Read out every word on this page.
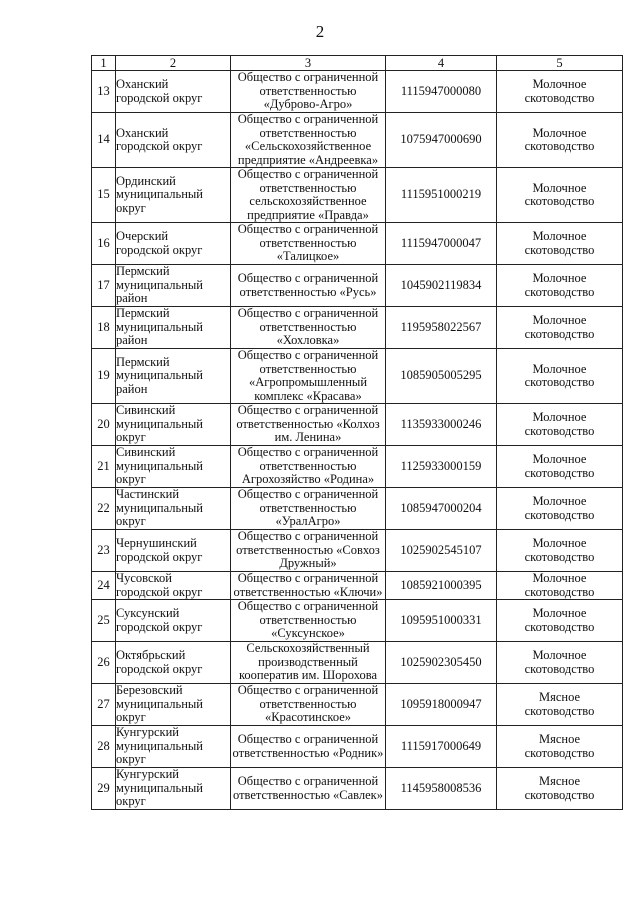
2
1	2	3	4	5
13	Оханский
городской округ	Общество с ограниченной
ответственностью
«Дуброво-Агро»	1115947000080	Молочное
скотоводство
14	Оханский
городской округ	Общество с ограниченной
ответственностью
«Сельскохозяйственное
предприятие «Андреевка»	1075947000690	Молочное
скотоводство
15	Ординский
муниципальный
округ	Общество с ограниченной
ответственностью
сельскохозяйственное
предприятие «Правда»	1115951000219	Молочное
скотоводство
16	Очерский
городской округ	Общество с ограниченной
ответственностью
«Талицкое»	1115947000047	Молочное
скотоводство
17	Пермский
муниципальный
район	Общество с ограниченной
ответственностью «Русь»	1045902119834	Молочное
скотоводство
18	Пермский
муниципальный
район	Общество с ограниченной
ответственностью
«Хохловка»	1195958022567	Молочное
скотоводство
19	Пермский
муниципальный
район	Общество с ограниченной
ответственностью
«Агропромышленный
комплекс «Красава»	1085905005295	Молочное
скотоводство
20	Сивинский
муниципальный
округ	Общество с ограниченной
ответственностью «Колхоз
им. Ленина»	1135933000246	Молочное
скотоводство
21	Сивинский
муниципальный
округ	Общество с ограниченной
ответственностью
Агрохозяйство «Родина»	1125933000159	Молочное
скотоводство
22	Частинский
муниципальный
округ	Общество с ограниченной
ответственностью
«УралАгро»	1085947000204	Молочное
скотоводство
23	Чернушинский
городской округ	Общество с ограниченной
ответственностью «Совхоз
Дружный»	1025902545107	Молочное
скотоводство
24	Чусовской
городской округ	Общество с ограниченной
ответственностью «Ключи»	1085921000395	Молочное
скотоводство
25	Суксунский
городской округ	Общество с ограниченной
ответственностью
«Суксунское»	1095951000331	Молочное
скотоводство
26	Октябрьский
городской округ	Сельскохозяйственный
производственный
кооператив им. Шорохова	1025902305450	Молочное
скотоводство
27	Березовский
муниципальный
округ	Общество с ограниченной
ответственностью
«Красотинское»	1095918000947	Мясное
скотоводство
28	Кунгурский
муниципальный
округ	Общество с ограниченной
ответственностью «Родник»	1115917000649	Мясное
скотоводство
29	Кунгурский
муниципальный
округ	Общество с ограниченной
ответственностью «Савлек»	1145958008536	Мясное
скотоводство
